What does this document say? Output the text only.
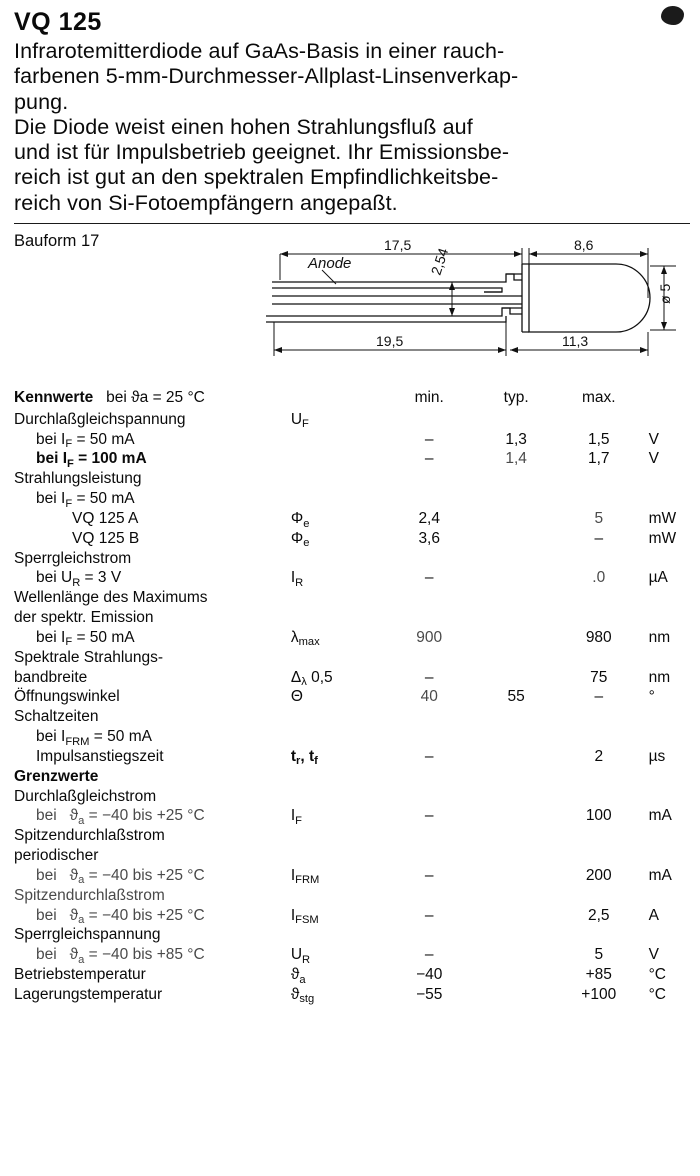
VQ 125

Infrarotemitterdiode auf GaAs-Basis in einer rauch-

farbenen 5-mm-Durchmesser-Allplast-Linsenverkap-

pung.

Die Diode weist einen hohen Strahlungsfluß auf

und ist für Impulsbetrieb geeignet. Ihr Emissionsbe-

reich ist gut an den spektralen Empfindlichkeitsbe-

reich von Si-Fotoempfängern angepaßt.

Bauform 17	17,5	8,6
Anode	2,54
19,5	11,3
ø 5
Kennwerte bei ϑa = 25 °C		min.	typ.	max.	
Durchlaßgleichspannung	$U_F$				
bei $I_F = 50$ mA		–	1,3	1,5	V
bei $I_F = 100$ mA		–	1,4	1,7	V
Strahlungsleistung					
bei $I_F = 50$ mA					
VQ 125 A	$\Phi_e$	2,4		5	mW
VQ 125 B	$\Phi_e$	3,6		–	mW
Sperrgleichstrom					
bei $U_R = 3$ V	$I_R$	–		.0	µA
Wellenlänge des Maximums					
der spektr. Emission					
bei $I_F = 50$ mA	$\lambda_{max}$	900		980	nm
Spektrale Strahlungs-					
bandbreite	$\Delta_\lambda$ 0,5	–		75	nm
Öffnungswinkel	Θ	40	55	–	°
Schaltzeiten					
bei $I_{FRM} = 50$ mA					
Impulsanstiegszeit	$t_r$, $t_f$	–		2	µs
Grenzwerte					
Durchlaßgleichstrom					
bei   $ϑ_a = -40$ bis +25 °C	$I_F$	–		100	mA
Spitzendurchlaßstrom					
periodischer					
bei   $ϑ_a = -40$ bis +25 °C	$I_{FRM}$	–		200	mA
Spitzendurchlaßstrom					
bei   $ϑ_a = -40$ bis +25 °C	$I_{FSM}$	–		2,5	A
Sperrgleichspannung					
bei   $ϑ_a = -40$ bis +85 °C	$U_R$	–		5	V
Betriebstemperatur	$ϑ_a$	−40		+85	°C
Lagerungstemperatur	$ϑ_{stg}$	−55		+100	°C
